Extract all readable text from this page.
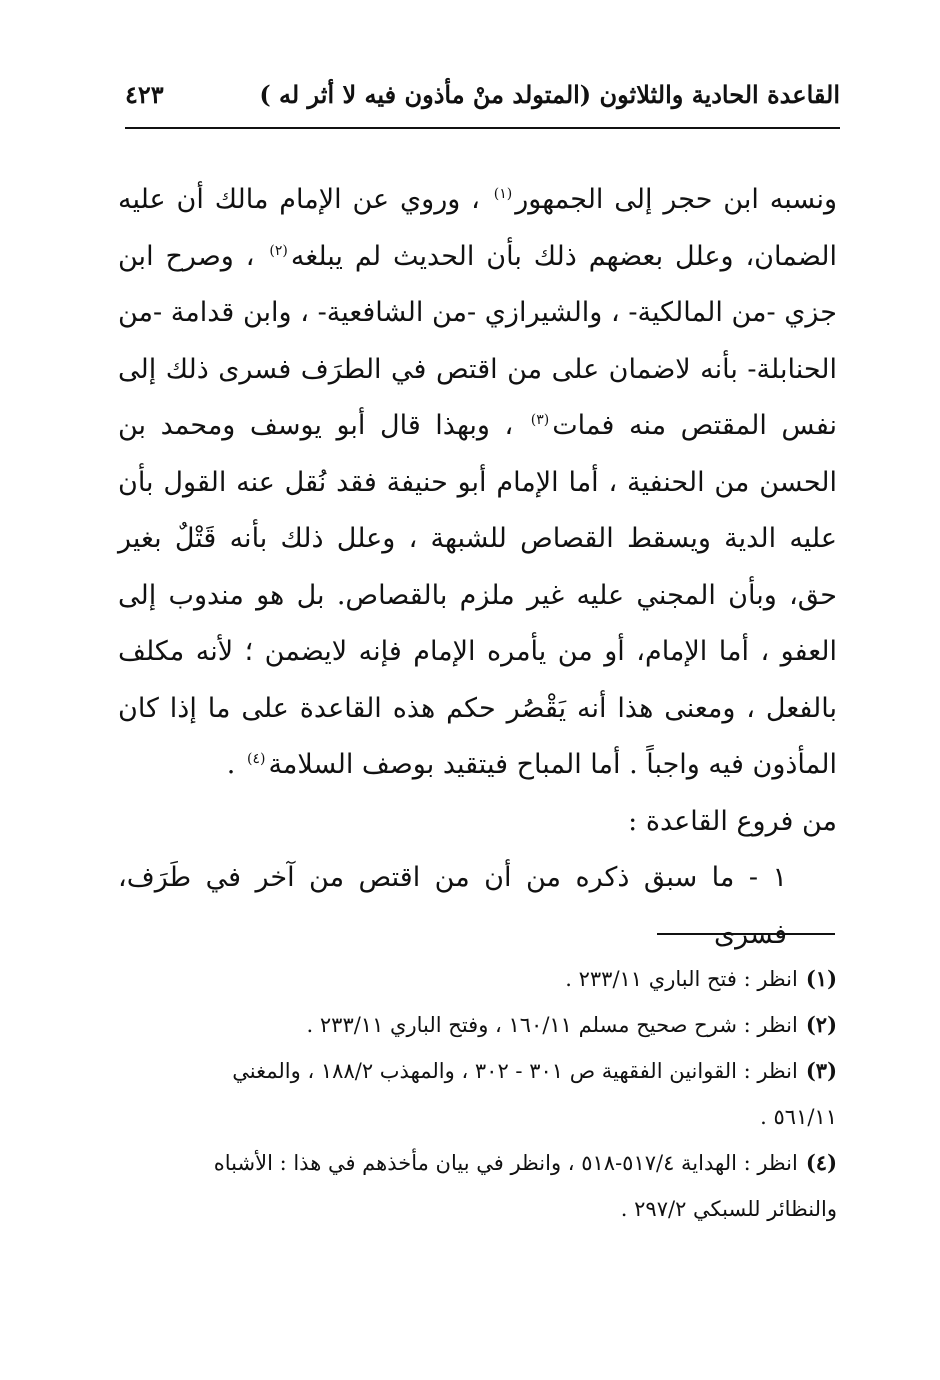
القاعدة الحادية والثلاثون (المتولد منْ مأذون فيه لا أثر له )
٤٢٣

ونسبه ابن حجر إلى الجمهور$^{(١)}$ ، وروي عن الإمام مالك أن عليه الضمان، وعلل بعضهم ذلك بأن الحديث لم يبلغه$^{(٢)}$ ، وصرح ابن جزي -من المالكية- ، والشيرازي -من الشافعية- ، وابن قدامة -من الحنابلة- بأنه لاضمان على من اقتص في الطرَف فسرى ذلك إلى نفس المقتص منه فمات$^{(٣)}$ ، وبهذا قال أبو يوسف ومحمد بن الحسن من الحنفية ، أما الإمام أبو حنيفة فقد نُقل عنه القول بأن عليه الدية ويسقط القصاص للشبهة ، وعلل ذلك بأنه قَتْلٌ بغير حق، وبأن المجني عليه غير ملزم بالقصاص. بل هو مندوب إلى العفو ، أما الإمام، أو من يأمره الإمام فإنه لايضمن ؛ لأنه مكلف بالفعل ، ومعنى هذا أنه يَقْصُر حكم هذه القاعدة على ما إذا كان المأذون فيه واجباً . أما المباح فيتقيد بوصف السلامة$^{(٤)}$ .

من فروع القاعدة :

١ - ما سبق ذكره من أن من اقتص من آخر في طَرَف، فسرى

(١)انظر : فتح الباري ٢٣٣/١١ .

(٢)انظر : شرح صحيح مسلم ١٦٠/١١ ، وفتح الباري ٢٣٣/١١ .

(٣)انظر : القوانين الفقهية ص ٣٠١ - ٣٠٢ ، والمهذب ١٨٨/٢ ، والمغني

٥٦١/١١ .

(٤)انظر : الهداية ٥١٧/٤-٥١٨ ، وانظر في بيان مأخذهم في هذا : الأشباه

والنظائر للسبكي ٢٩٧/٢ .
